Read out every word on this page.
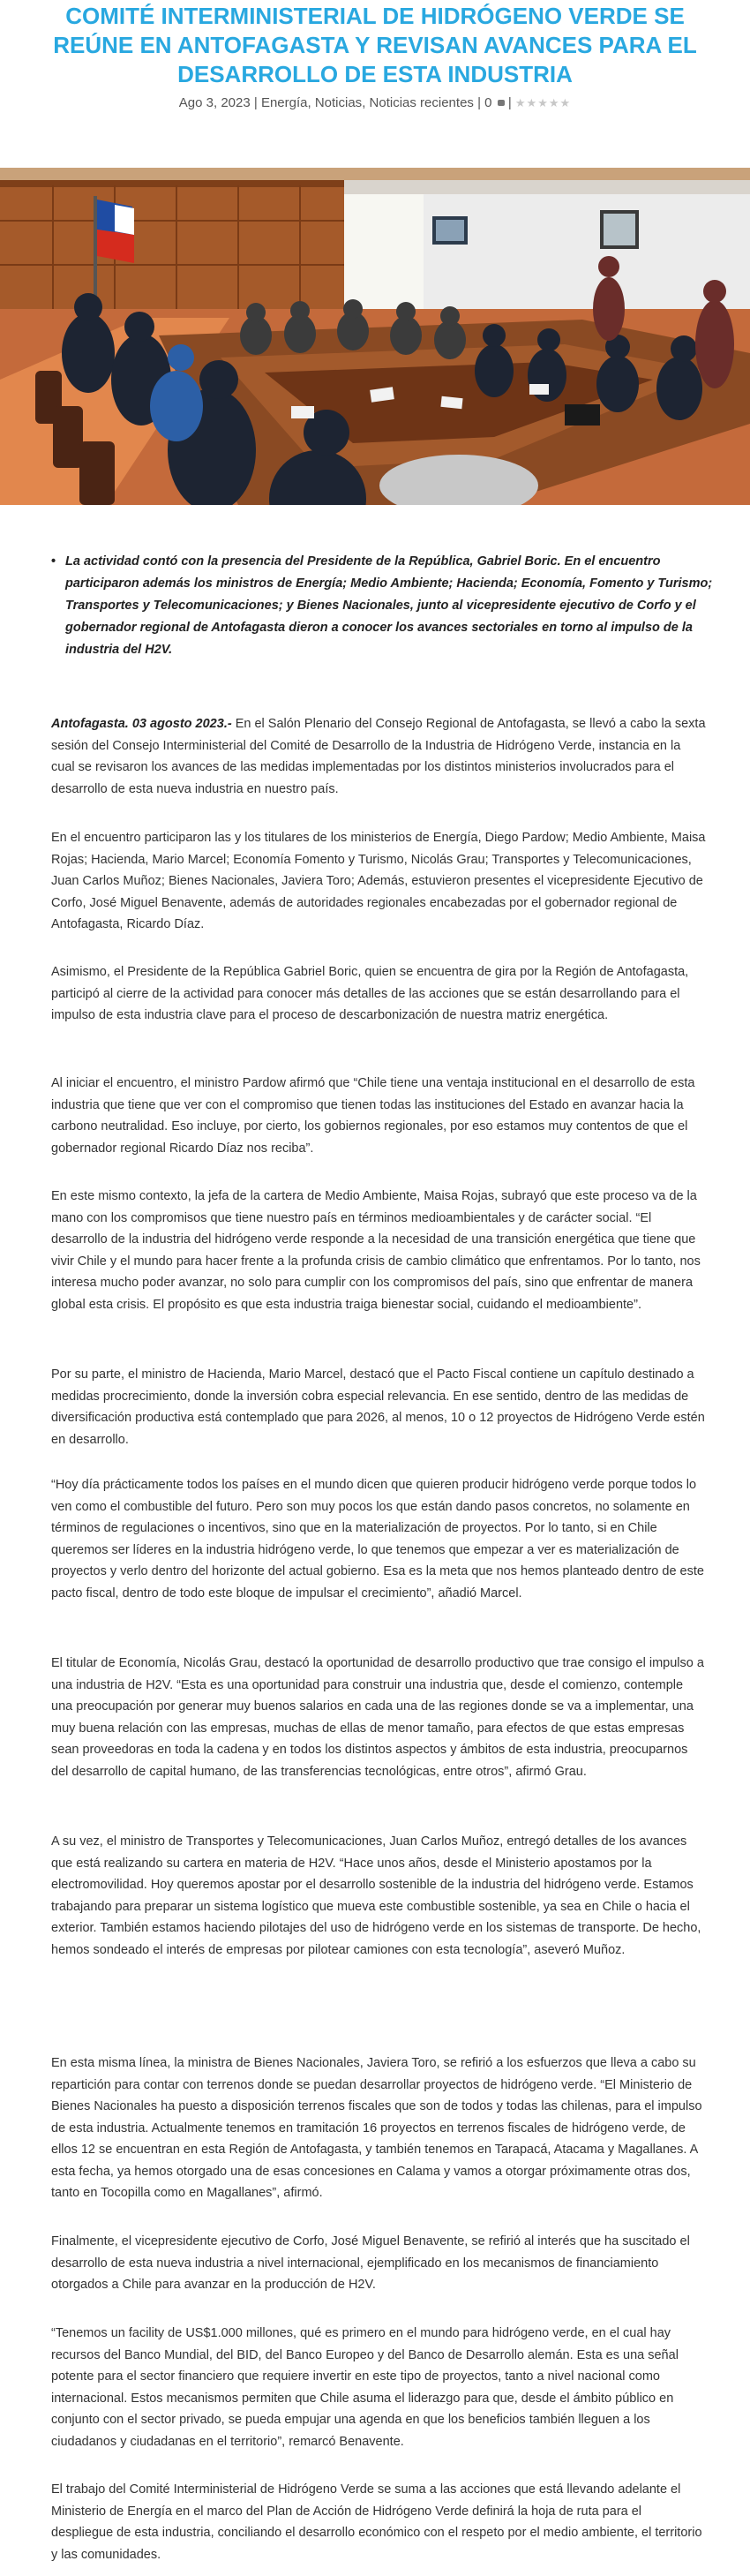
COMITÉ INTERMINISTERIAL DE HIDRÓGENO VERDE SE REÚNE EN ANTOFAGASTA Y REVISAN AVANCES PARA EL DESARROLLO DE ESTA INDUSTRIA
Ago 3, 2023 | Energía, Noticias, Noticias recientes | 0  | ★★★★★

• La actividad contó con la presencia del Presidente de la República, Gabriel Boric. En el encuentro participaron además los ministros de Energía; Medio Ambiente; Hacienda; Economía, Fomento y Turismo; Transportes y Telecomunicaciones; y Bienes Nacionales, junto al vicepresidente ejecutivo de Corfo y el gobernador regional de Antofagasta dieron a conocer los avances sectoriales en torno al impulso de la industria del H2V.

Antofagasta. 03 agosto 2023.- En el Salón Plenario del Consejo Regional de Antofagasta, se llevó a cabo la sexta sesión del Consejo Interministerial del Comité de Desarrollo de la Industria de Hidrógeno Verde, instancia en la cual se revisaron los avances de las medidas implementadas por los distintos ministerios involucrados para el desarrollo de esta nueva industria en nuestro país.

En el encuentro participaron las y los titulares de los ministerios de Energía, Diego Pardow; Medio Ambiente, Maisa Rojas; Hacienda, Mario Marcel; Economía Fomento y Turismo, Nicolás Grau; Transportes y Telecomunicaciones, Juan Carlos Muñoz; Bienes Nacionales, Javiera Toro; Además, estuvieron presentes el vicepresidente Ejecutivo de Corfo, José Miguel Benavente, además de autoridades regionales encabezadas por el gobernador regional de Antofagasta, Ricardo Díaz.

Asimismo, el Presidente de la República Gabriel Boric, quien se encuentra de gira por la Región de Antofagasta, participó al cierre de la actividad para conocer más detalles de las acciones que se están desarrollando para el impulso de esta industria clave para el proceso de descarbonización de nuestra matriz energética.

Al iniciar el encuentro, el ministro Pardow afirmó que “Chile tiene una ventaja institucional en el desarrollo de esta industria que tiene que ver con el compromiso que tienen todas las instituciones del Estado en avanzar hacia la carbono neutralidad. Eso incluye, por cierto, los gobiernos regionales, por eso estamos muy contentos de que el gobernador regional Ricardo Díaz nos reciba”.

En este mismo contexto, la jefa de la cartera de Medio Ambiente, Maisa Rojas, subrayó que este proceso va de la mano con los compromisos que tiene nuestro país en términos medioambientales y de carácter social. “El desarrollo de la industria del hidrógeno verde responde a la necesidad de una transición energética que tiene que vivir Chile y el mundo para hacer frente a la profunda crisis de cambio climático que enfrentamos. Por lo tanto, nos interesa mucho poder avanzar, no solo para cumplir con los compromisos del país, sino que enfrentar de manera global esta crisis. El propósito es que esta industria traiga bienestar social, cuidando el medioambiente”.

Por su parte, el ministro de Hacienda, Mario Marcel, destacó que el Pacto Fiscal contiene un capítulo destinado a medidas procrecimiento, donde la inversión cobra especial relevancia. En ese sentido, dentro de las medidas de diversificación productiva está contemplado que para 2026, al menos, 10 o 12 proyectos de Hidrógeno Verde estén en desarrollo.

“Hoy día prácticamente todos los países en el mundo dicen que quieren producir hidrógeno verde porque todos lo ven como el combustible del futuro. Pero son muy pocos los que están dando pasos concretos, no solamente en términos de regulaciones o incentivos, sino que en la materialización de proyectos. Por lo tanto, si en Chile queremos ser líderes en la industria hidrógeno verde, lo que tenemos que empezar a ver es materialización de proyectos y verlo dentro del horizonte del actual gobierno. Esa es la meta que nos hemos planteado dentro de este pacto fiscal, dentro de todo este bloque de impulsar el crecimiento”, añadió Marcel.

El titular de Economía, Nicolás Grau, destacó la oportunidad de desarrollo productivo que trae consigo el impulso a una industria de H2V. “Esta es una oportunidad para construir una industria que, desde el comienzo, contemple una preocupación por generar muy buenos salarios en cada una de las regiones donde se va a implementar, una muy buena relación con las empresas, muchas de ellas de menor tamaño, para efectos de que estas empresas sean proveedoras en toda la cadena y en todos los distintos aspectos y ámbitos de esta industria, preocuparnos del desarrollo de capital humano, de las transferencias tecnológicas, entre otros”, afirmó Grau.

A su vez, el ministro de Transportes y Telecomunicaciones, Juan Carlos Muñoz, entregó detalles de los avances que está realizando su cartera en materia de H2V. “Hace unos años, desde el Ministerio apostamos por la electromovilidad. Hoy queremos apostar por el desarrollo sostenible de la industria del hidrógeno verde. Estamos trabajando para preparar un sistema logístico que mueva este combustible sostenible, ya sea en Chile o hacia el exterior. También estamos haciendo pilotajes del uso de hidrógeno verde en los sistemas de transporte. De hecho, hemos sondeado el interés de empresas por pilotear camiones con esta tecnología”, aseveró Muñoz.

En esta misma línea, la ministra de Bienes Nacionales, Javiera Toro, se refirió a los esfuerzos que lleva a cabo su repartición para contar con terrenos donde se puedan desarrollar proyectos de hidrógeno verde. “El Ministerio de Bienes Nacionales ha puesto a disposición terrenos fiscales que son de todos y todas las chilenas, para el impulso de esta industria. Actualmente tenemos en tramitación 16 proyectos en terrenos fiscales de hidrógeno verde, de ellos 12 se encuentran en esta Región de Antofagasta, y también tenemos en Tarapacá, Atacama y Magallanes. A esta fecha, ya hemos otorgado una de esas concesiones en Calama y vamos a otorgar próximamente otras dos, tanto en Tocopilla como en Magallanes”, afirmó.

Finalmente, el vicepresidente ejecutivo de Corfo, José Miguel Benavente, se refirió al interés que ha suscitado el desarrollo de esta nueva industria a nivel internacional, ejemplificado en los mecanismos de financiamiento otorgados a Chile para avanzar en la producción de H2V.

“Tenemos un facility de US$1.000 millones, qué es primero en el mundo para hidrógeno verde, en el cual hay recursos del Banco Mundial, del BID, del Banco Europeo y del Banco de Desarrollo alemán. Esta es una señal potente para el sector financiero que requiere invertir en este tipo de proyectos, tanto a nivel nacional como internacional. Estos mecanismos permiten que Chile asuma el liderazgo para que, desde el ámbito público en conjunto con el sector privado, se pueda empujar una agenda en que los beneficios también lleguen a los ciudadanos y ciudadanas en el territorio”, remarcó Benavente.

El trabajo del Comité Interministerial de Hidrógeno Verde se suma a las acciones que está llevando adelante el Ministerio de Energía en el marco del Plan de Acción de Hidrógeno Verde definirá la hoja de ruta para el despliegue de esta industria, conciliando el desarrollo económico con el respeto por el medio ambiente, el territorio y las comunidades.
